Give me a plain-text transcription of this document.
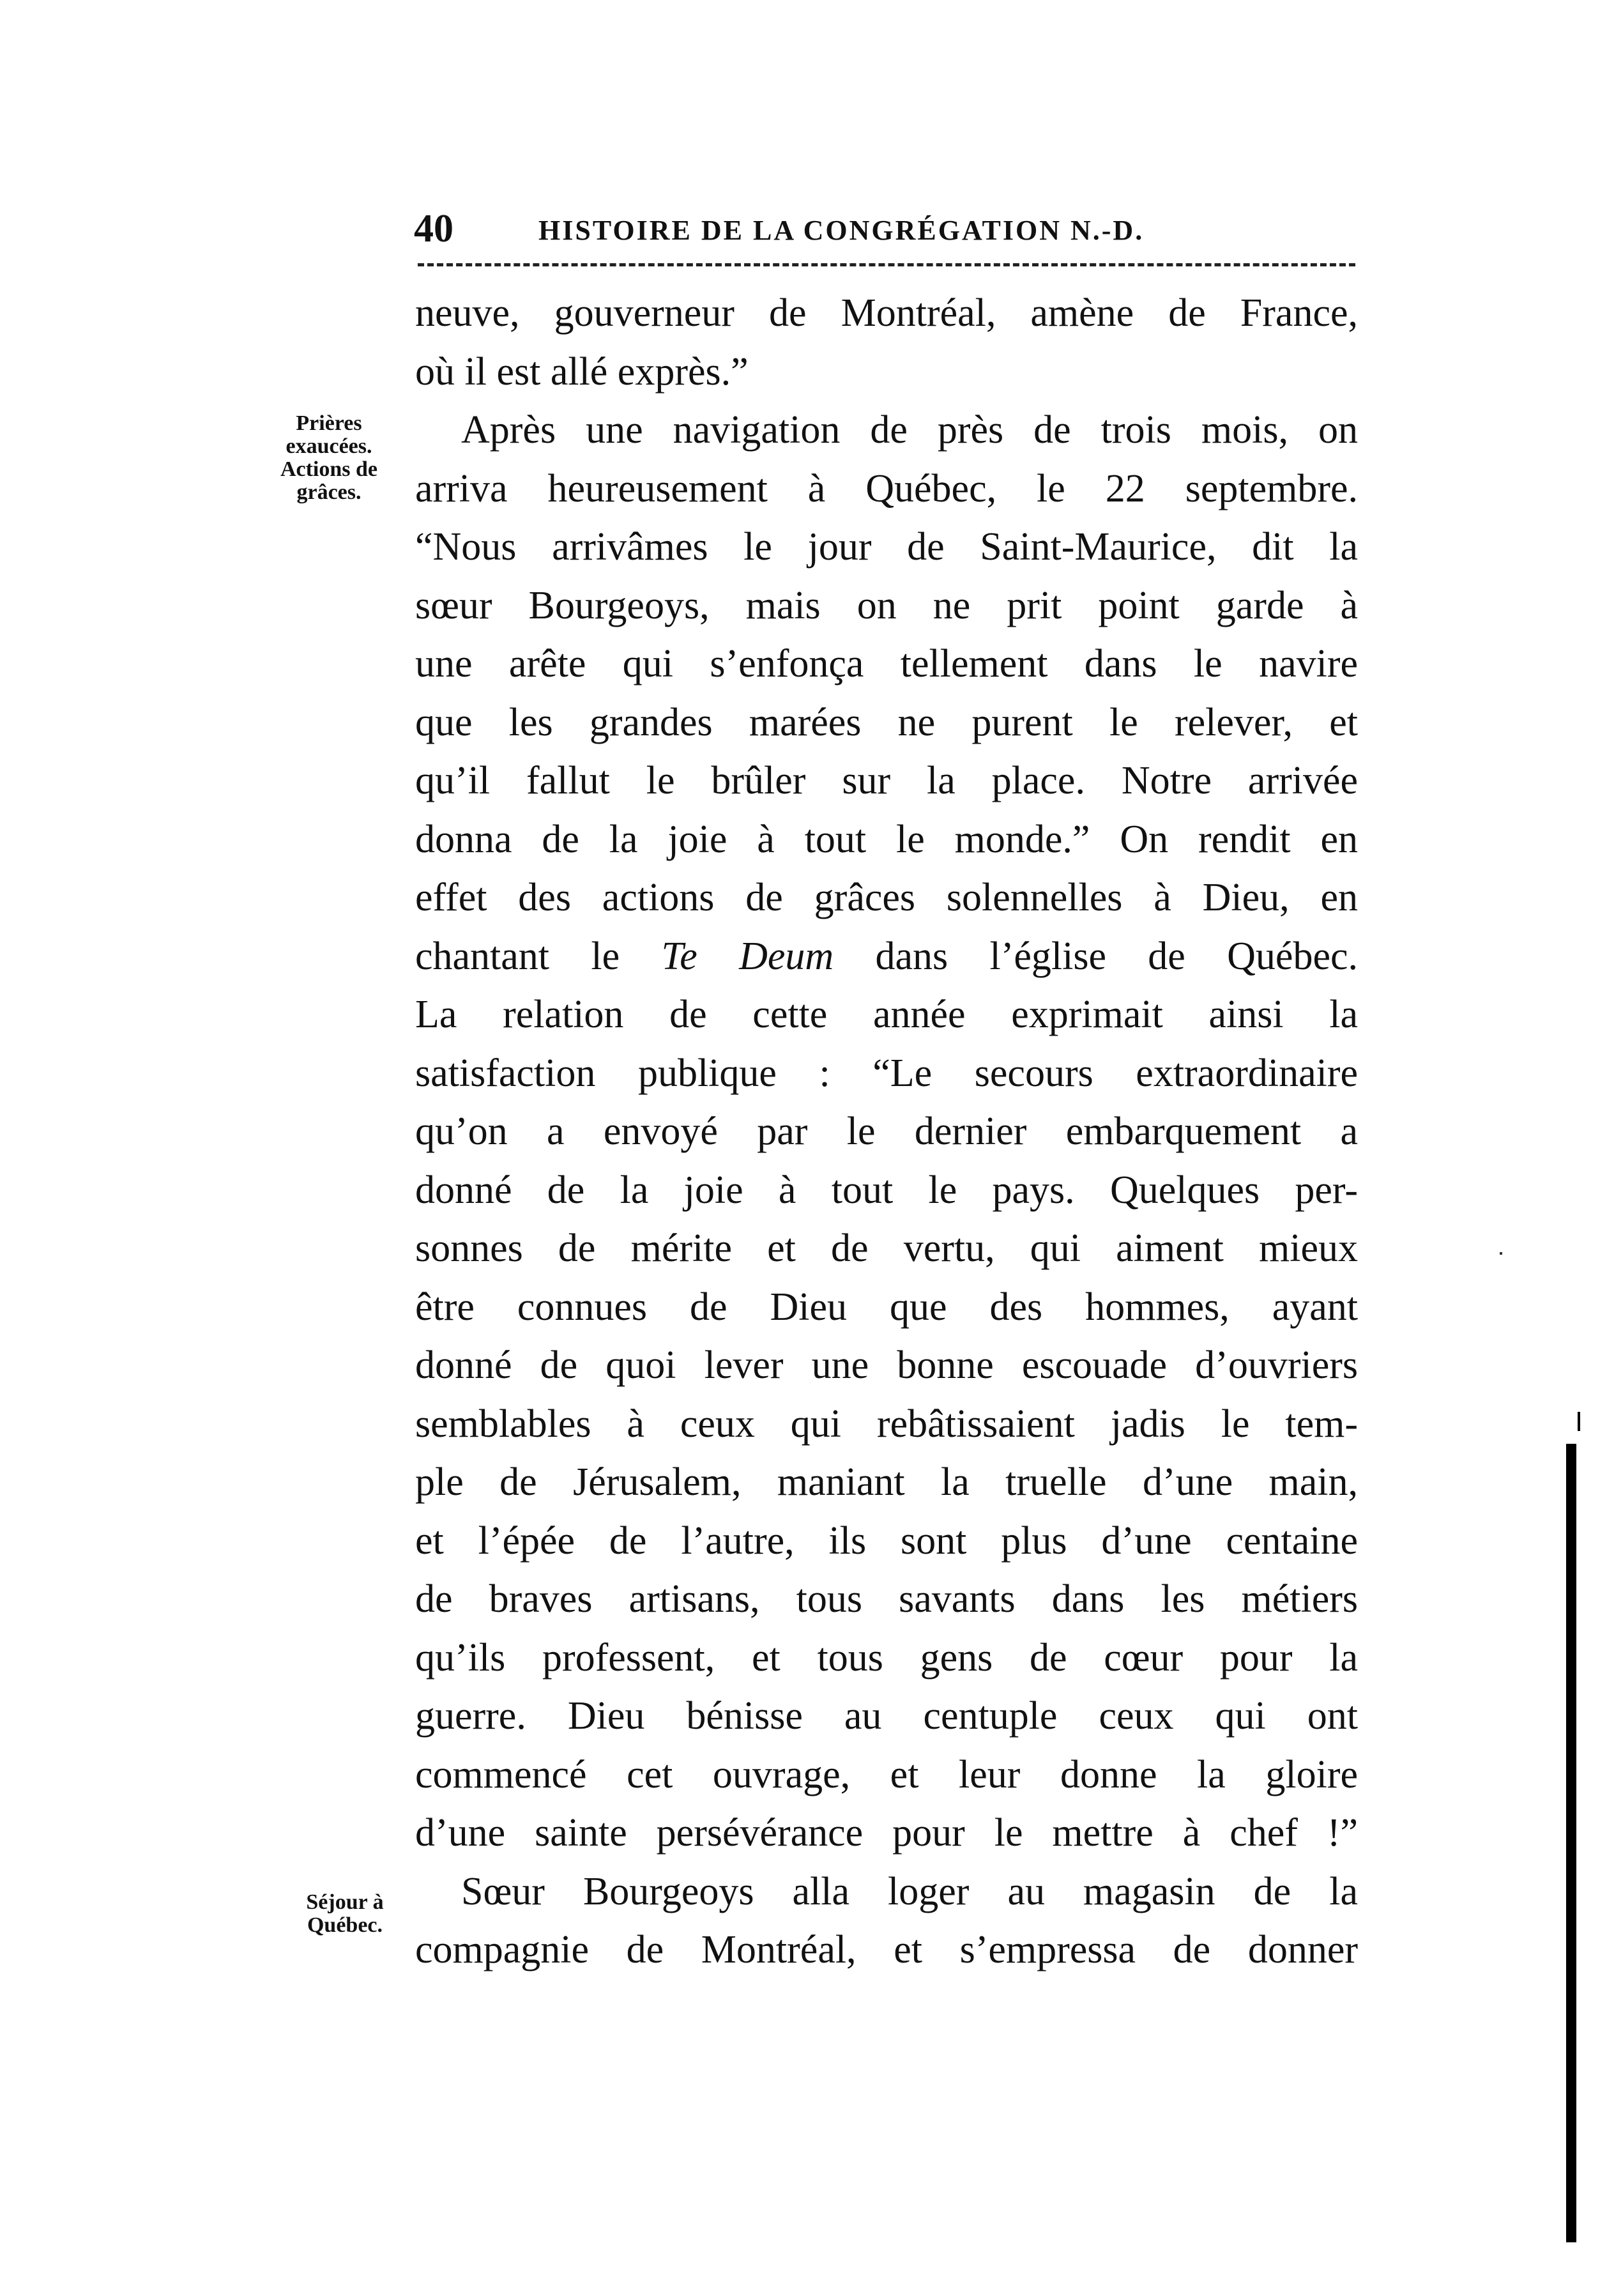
40	HISTOIRE DE LA CONGRÉGATION N.-D.
Prières
exaucées.
Actions de
grâces.
Séjour à
Québec.
neuve, gouverneur de Montréal, amène de France,
où il est allé exprès.”
Après une navigation de près de trois mois, on
arriva heureusement à Québec, le 22 septembre.
“Nous arrivâmes le jour de Saint-Maurice, dit la
sœur Bourgeoys, mais on ne prit point garde à
une arête qui s’enfonça tellement dans le navire
que les grandes marées ne purent le relever, et
qu’il fallut le brûler sur la place. Notre arrivée
donna de la joie à tout le monde.” On rendit en
effet des actions de grâces solennelles à Dieu, en
chantant le Te Deum dans l’église de Québec.
La relation de cette année exprimait ainsi la
satisfaction publique : “Le secours extraordinaire
qu’on a envoyé par le dernier embarquement a
donné de la joie à tout le pays. Quelques per-
sonnes de mérite et de vertu, qui aiment mieux
être connues de Dieu que des hommes, ayant
donné de quoi lever une bonne escouade d’ouvriers
semblables à ceux qui rebâtissaient jadis le tem-
ple de Jérusalem, maniant la truelle d’une main,
et l’épée de l’autre, ils sont plus d’une centaine
de braves artisans, tous savants dans les métiers
qu’ils professent, et tous gens de cœur pour la
guerre. Dieu bénisse au centuple ceux qui ont
commencé cet ouvrage, et leur donne la gloire
d’une sainte persévérance pour le mettre à chef !”
Sœur Bourgeoys alla loger au magasin de la
compagnie de Montréal, et s’empressa de donner
